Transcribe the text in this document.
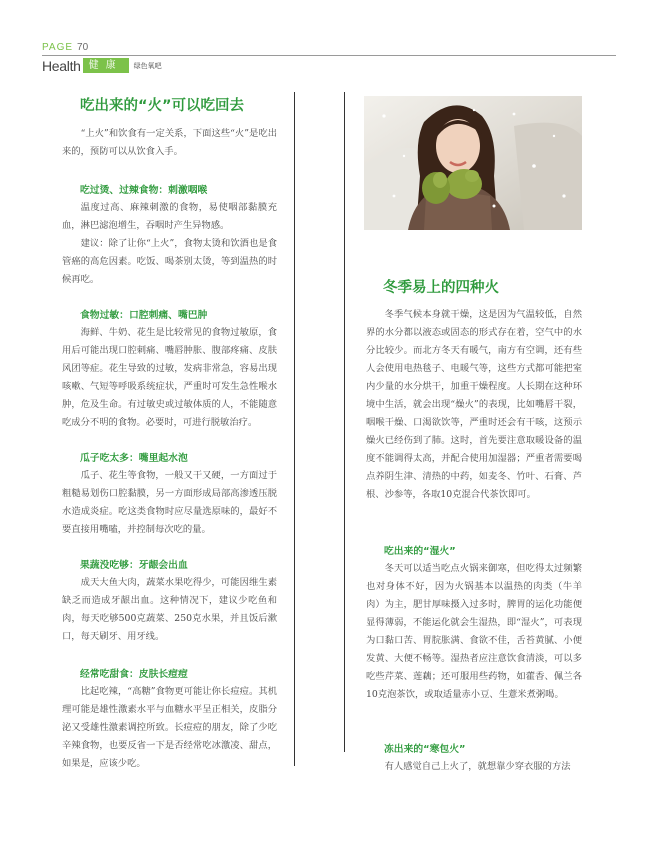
PAGE 70
Health 健康	绿色氧吧
吃出来的“火”可以吃回去

“上火”和饮食有一定关系，下面这些“火”是吃出来的，预防可以从饮食入手。

吃过烫、过辣食物：刺激咽喉

温度过高、麻辣刺激的食物，易使咽部黏膜充血，淋巴滤泡增生，吞咽时产生异物感。

建议：除了让你“上火”，食物太烫和饮酒也是食管癌的高危因素。吃饭、喝茶别太烫，等到温热的时候再吃。

食物过敏：口腔刺痛、嘴巴肿

海鲜、牛奶、花生是比较常见的食物过敏原，食用后可能出现口腔刺痛、嘴唇肿胀、腹部疼痛、皮肤风团等症。花生导致的过敏，发病非常急，容易出现咳嗽、气短等呼吸系统症状，严重时可发生急性喉水肿，危及生命。有过敏史或过敏体质的人，不能随意吃成分不明的食物。必要时，可进行脱敏治疗。

瓜子吃太多：嘴里起水泡

瓜子、花生等食物，一般又干又硬，一方面过于粗糙易划伤口腔黏膜，另一方面形成局部高渗透压脱水造成炎症。吃这类食物时应尽量选原味的，最好不要直接用嘴嗑，并控制每次吃的量。

果蔬没吃够：牙龈会出血

成天大鱼大肉，蔬菜水果吃得少，可能因维生素缺乏而造成牙龈出血。这种情况下，建议少吃鱼和肉，每天吃够500克蔬菜、250克水果，并且饭后漱口，每天刷牙、用牙线。

经常吃甜食：皮肤长痘痘

比起吃辣，“高糖”食物更可能让你长痘痘。其机理可能是雄性激素水平与血糖水平呈正相关，皮脂分泌又受雄性激素调控所致。长痘痘的朋友，除了少吃辛辣食物，也要反省一下是否经常吃冰激凌、甜点，如果是，应该少吃。

冬季易上的四种火

冬季气候本身就干燥，这是因为气温较低，自然界的水分都以液态或固态的形式存在着，空气中的水分比较少。而北方冬天有暖气，南方有空调，还有些人会使用电热毯子、电暖气等，这些方式都可能把室内少量的水分烘干，加重干燥程度。人长期在这种环境中生活，就会出现“燥火”的表现，比如嘴唇干裂，咽喉干燥、口渴欲饮等，严重时还会有干咳，这预示燥火已经伤到了肺。这时，首先要注意取暖设备的温度不能调得太高，并配合使用加湿器；严重者需要喝点养阴生津、清热的中药，如麦冬、竹叶、石膏、芦根、沙参等，各取10克混合代茶饮即可。

吃出来的“湿火”

冬天可以适当吃点火锅来御寒，但吃得太过频繁也对身体不好，因为火锅基本以温热的肉类（牛羊肉）为主，肥甘厚味摄入过多时，脾胃的运化功能便显得薄弱，不能运化就会生湿热，即“湿火”，可表现为口黏口苦、胃脘胀满、食欲不佳，舌苔黄腻、小便发黄、大便不畅等。湿热者应注意饮食清淡，可以多吃些芹菜、莲藕；还可服用些药物，如藿香、佩兰各10克泡茶饮，或取适量赤小豆、生薏米煮粥喝。

冻出来的“寒包火”

有人感觉自己上火了，就想靠少穿衣服的方法
